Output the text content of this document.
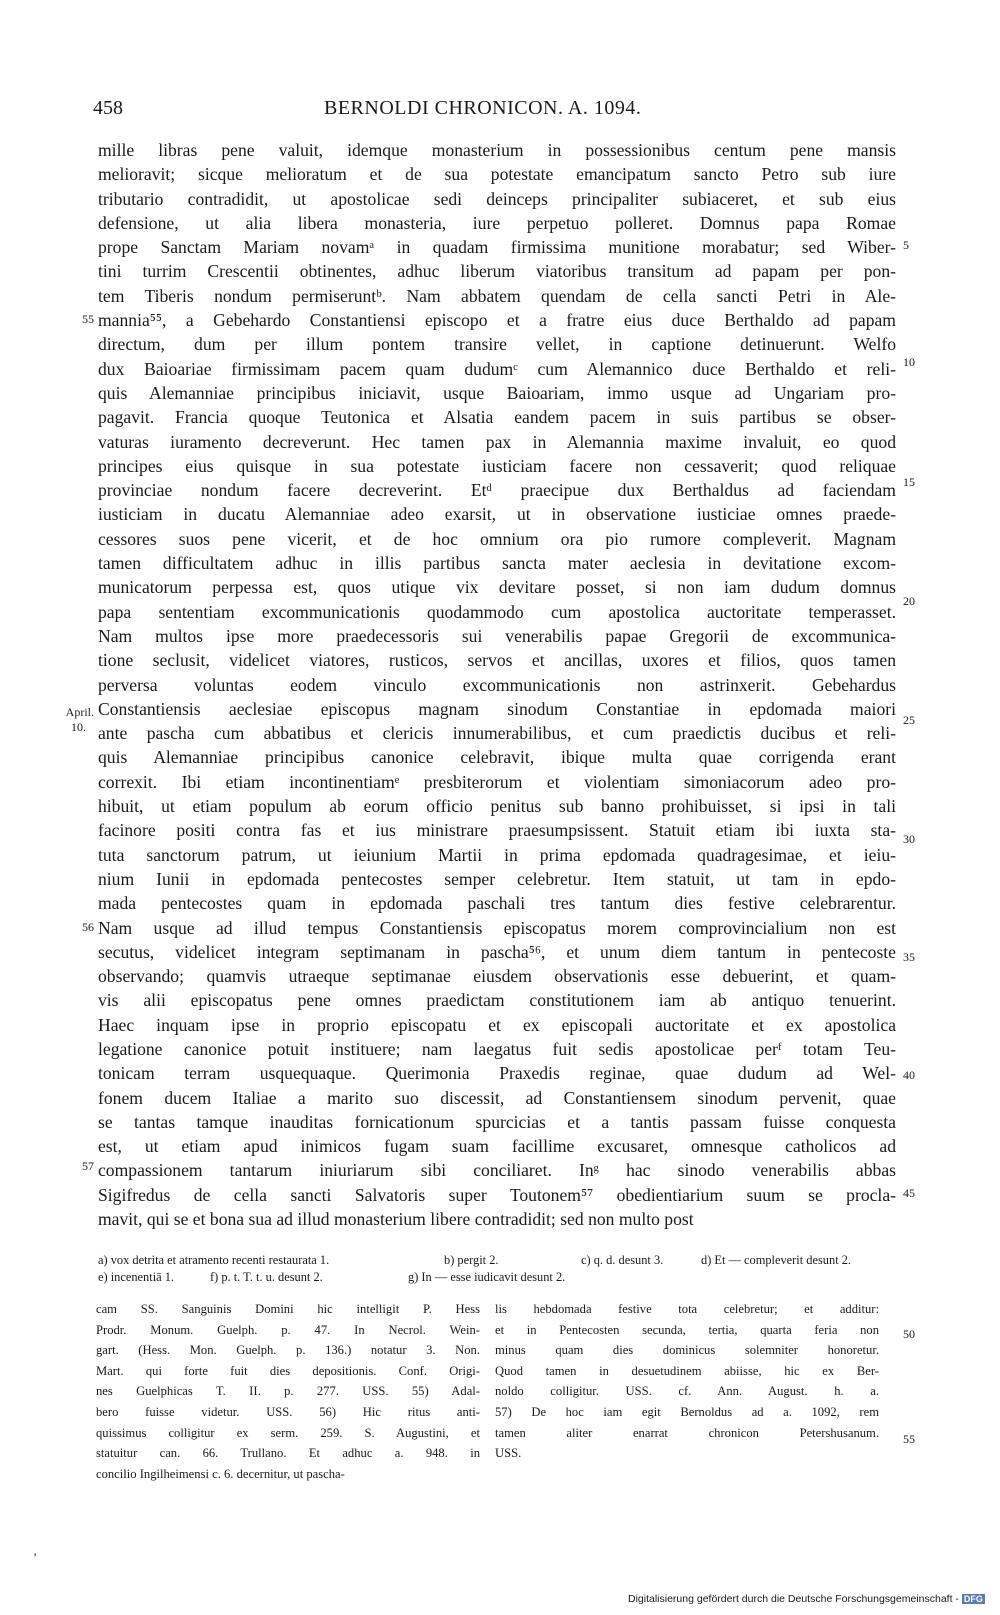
458	BERNOLDI CHRONICON. A. 1094.
mille libras pene valuit, idemque monasterium in possessionibus centum pene mansis
melioravit; sicque melioratum et de sua potestate emancipatum sancto Petro sub iure
tributario contradidit, ut apostolicae sedi deinceps principaliter subiaceret, et sub eius
defensione, ut alia libera monasteria, iure perpetuo polleret. Domnus papa Romae
prope Sanctam Mariam novamᵃ in quadam firmissima munitione morabatur; sed Wiber-
tini turrim Crescentii obtinentes, adhuc liberum viatoribus transitum ad papam per pon-
tem Tiberis nondum permiseruntᵇ. Nam abbatem quendam de cella sancti Petri in Ale-
mannia⁵⁵, a Gebehardo Constantiensi episcopo et a fratre eius duce Berthaldo ad papam
directum, dum per illum pontem transire vellet, in captione detinuerunt. Welfo
dux Baioariae firmissimam pacem quam dudumᶜ cum Alemannico duce Berthaldo et reli-
quis Alemanniae principibus iniciavit, usque Baioariam, immo usque ad Ungariam pro-
pagavit. Francia quoque Teutonica et Alsatia eandem pacem in suis partibus se obser-
vaturas iuramento decreverunt. Hec tamen pax in Alemannia maxime invaluit, eo quod
principes eius quisque in sua potestate iusticiam facere non cessaverit; quod reliquae
provinciae nondum facere decreverint. Etᵈ praecipue dux Berthaldus ad faciendam
iusticiam in ducatu Alemanniae adeo exarsit, ut in observatione iusticiae omnes praede-
cessores suos pene vicerit, et de hoc omnium ora pio rumore compleverit. Magnam
tamen difficultatem adhuc in illis partibus sancta mater aeclesia in devitatione excom-
municatorum perpessa est, quos utique vix devitare posset, si non iam dudum domnus
papa sententiam excommunicationis quodammodo cum apostolica auctoritate temperasset.
Nam multos ipse more praedecessoris sui venerabilis papae Gregorii de excommunica-
tione seclusit, videlicet viatores, rusticos, servos et ancillas, uxores et filios, quos tamen
perversa voluntas eodem vinculo excommunicationis non astrinxerit. Gebehardus
Constantiensis aeclesiae episcopus magnam sinodum Constantiae in epdomada maiori
ante pascha cum abbatibus et clericis innumerabilibus, et cum praedictis ducibus et reli-
quis Alemanniae principibus canonice celebravit, ibique multa quae corrigenda erant
correxit. Ibi etiam incontinentiamᵉ presbiterorum et violentiam simoniacorum adeo pro-
hibuit, ut etiam populum ab eorum officio penitus sub banno prohibuisset, si ipsi in tali
facinore positi contra fas et ius ministrare praesumpsissent. Statuit etiam ibi iuxta sta-
tuta sanctorum patrum, ut ieiunium Martii in prima epdomada quadragesimae, et ieiu-
nium Iunii in epdomada pentecostes semper celebretur. Item statuit, ut tam in epdo-
mada pentecostes quam in epdomada paschali tres tantum dies festive celebrarentur.
Nam usque ad illud tempus Constantiensis episcopatus morem comprovincialium non est
secutus, videlicet integram septimanam in pascha⁵⁶, et unum diem tantum in pentecoste
observando; quamvis utraeque septimanae eiusdem observationis esse debuerint, et quam-
vis alii episcopatus pene omnes praedictam constitutionem iam ab antiquo tenuerint.
Haec inquam ipse in proprio episcopatu et ex episcopali auctoritate et ex apostolica
legatione canonice potuit instituere; nam laegatus fuit sedis apostolicae perᶠ totam Teu-
tonicam terram usquequaque. Querimonia Praxedis reginae, quae dudum ad Wel-
fonem ducem Italiae a marito suo discessit, ad Constantiensem sinodum pervenit, quae
se tantas tamque inauditas fornicationum spurcicias et a tantis passam fuisse conquesta
est, ut etiam apud inimicos fugam suam facillime excusaret, omnesque catholicos ad
compassionem tantarum iniuriarum sibi conciliaret. Inᵍ hac sinodo venerabilis abbas
Sigifredus de cella sancti Salvatoris super Toutonem⁵⁷ obedientiarium suum se procla-
mavit, qui se et bona sua ad illud monasterium libere contradidit; sed non multo post
55
April.
10.
56
57
5
10
15
20
25
30
35
40
45
a) vox detrita et atramento recenti restaurata 1.	b) pergit 2.	c) q. d. desunt 3.	d) Et — compleverit desunt 2.
e) incenentiā 1.	f) p. t. T. t. u. desunt 2.	g) In — esse iudicavit desunt 2.
cam SS. Sanguinis Domini hic intelligit P. Hess
Prodr. Monum. Guelph. p. 47. In Necrol. Wein-
gart. (Hess. Mon. Guelph. p. 136.) notatur 3. Non.
Mart. qui forte fuit dies depositionis. Conf. Origi-
nes Guelphicas T. II. p. 277. USS. 55) Adal-
bero fuisse videtur. USS. 56) Hic ritus anti-
quissimus colligitur ex serm. 259. S. Augustini, et
statuitur can. 66. Trullano. Et adhuc a. 948. in
concilio Ingilheimensi c. 6. decernitur, ut pascha-
lis hebdomada festive tota celebretur; et additur:
et in Pentecosten secunda, tertia, quarta feria non
minus quam dies dominicus solemniter honoretur.
Quod tamen in desuetudinem abiisse, hic ex Ber-
noldo colligitur. USS. cf. Ann. August. h. a.
57) De hoc iam egit Bernoldus ad a. 1092, rem
tamen aliter enarrat chronicon Petershusanum.
USS.
50
55
’
Digitalisierung gefördert durch die Deutsche Forschungsgemeinschaft - DFG
